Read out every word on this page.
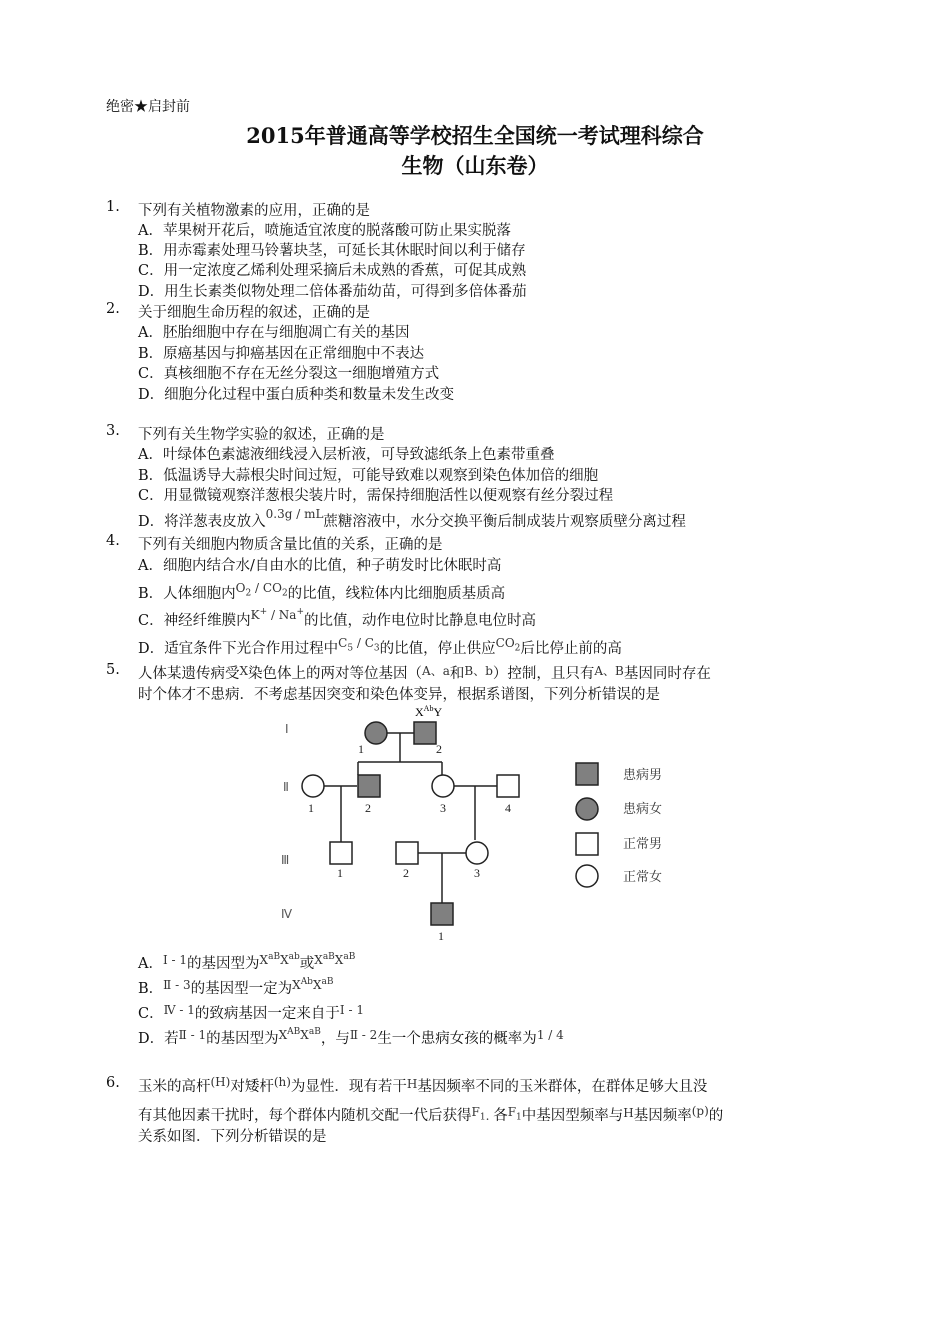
绝密★启封前
2015年普通高等学校招生全国统一考试理科综合
生物（山东卷）
1. 下列有关植物激素的应用，正确的是
A．苹果树开花后，喷施适宜浓度的脱落酸可防止果实脱落
B．用赤霉素处理马铃薯块茎，可延长其休眠时间以利于储存
C．用一定浓度乙烯利处理采摘后未成熟的香蕉，可促其成熟
D．用生长素类似物处理二倍体番茄幼苗，可得到多倍体番茄
2. 关于细胞生命历程的叙述，正确的是
A．胚胎细胞中存在与细胞凋亡有关的基因
B．原癌基因与抑癌基因在正常细胞中不表达
C．真核细胞不存在无丝分裂这一细胞增殖方式
D．细胞分化过程中蛋白质种类和数量未发生改变
3. 下列有关生物学实验的叙述，正确的是
A．叶绿体色素滤液细线浸入层析液，可导致滤纸条上色素带重叠
B．低温诱导大蒜根尖时间过短，可能导致难以观察到染色体加倍的细胞
C．用显微镜观察洋葱根尖装片时，需保持细胞活性以便观察有丝分裂过程
D．将洋葱表皮放入$^{0.3g / mL}$蔗糖溶液中，水分交换平衡后制成装片观察质壁分离过程
4. 下列有关细胞内物质含量比值的关系，正确的是
A．细胞内结合水/自由水的比值，种子萌发时比休眠时高
B．人体细胞内$^{O_2 / CO_2}$的比值，线粒体内比细胞质基质高
C．神经纤维膜内$^{K^+ / Na^+}$的比值，动作电位时比静息电位时高
D．适宜条件下光合作用过程中$^{C_5 / C_3}$的比值，停止供应$^{CO_2}$后比停止前的高
5. 人体某遗传病受$^X$染色体上的两对等位基因（$^{A、a}$和$^{B、b}$）控制，且只有$^{A、B}$基因同时存在
时个体才不患病．不考虑基因突变和染色体变异，根据系谱图，下列分析错误的是
Ⅰ
Ⅱ
Ⅲ
Ⅳ
$X^{Ab}Y$
1	2
1	2	3	4
1	2	3
1
患病男
患病女
正常男
正常女
A．$^{Ⅰ - 1}$的基因型为$^{X^{aB}X^{ab}}$或$^{X^{aB}X^{aB}}$
B．$^{Ⅱ - 3}$的基因型一定为$^{X^{Ab}X^{aB}}$
C．$^{Ⅳ - 1}$的致病基因一定来自于$^{Ⅰ - 1}$
D．若$^{Ⅱ - 1}$的基因型为$^{X^{AB}X^{aB}}$，与$^{Ⅱ - 2}$生一个患病女孩的概率为$^{1 / 4}$
6. 玉米的高杆$^{(H)}$对矮杆$^{(h)}$为显性．现有若干$^H$基因频率不同的玉米群体，在群体足够大且没
有其他因素干扰时，每个群体内随机交配一代后获得$^{F_1}$. 各$^{F_1}$中基因型频率与$^H$基因频率$^{(p)}$的
关系如图．下列分析错误的是
